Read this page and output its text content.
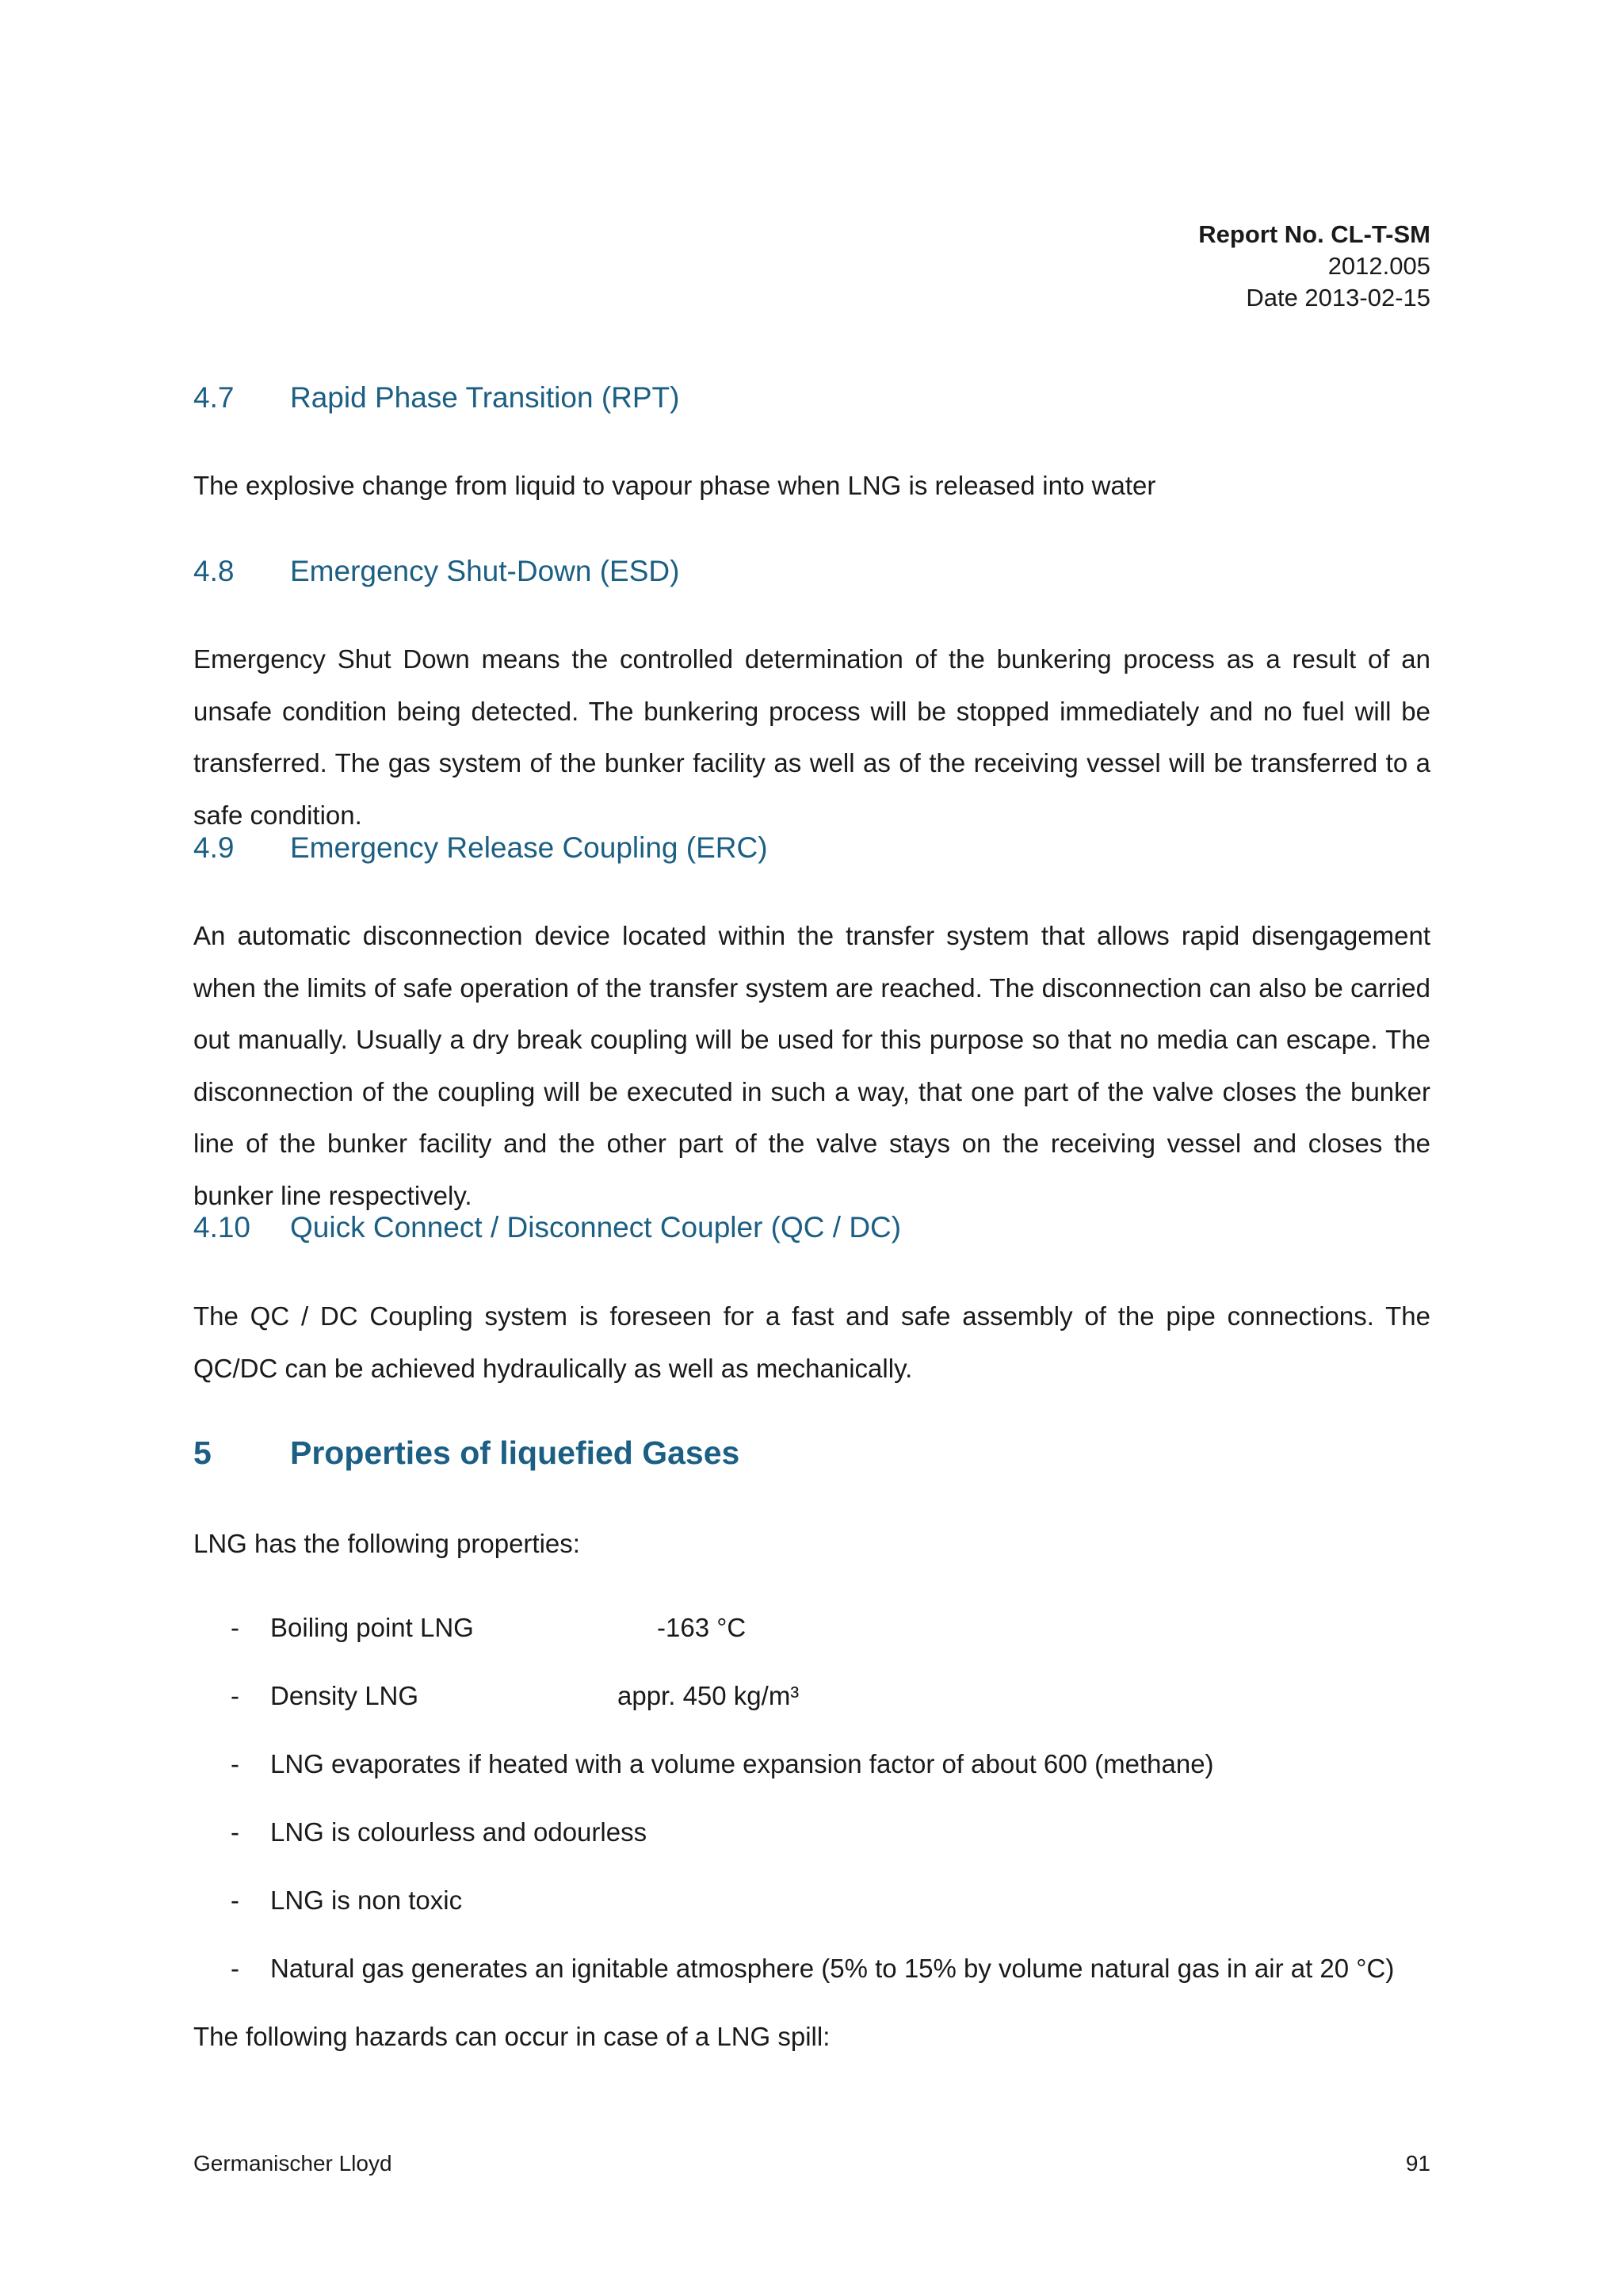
Report No. CL-T-SM
2012.005
Date 2013-02-15
4.7 Rapid Phase Transition (RPT)
The explosive change from liquid to vapour phase when LNG is released into water
4.8 Emergency Shut-Down (ESD)
Emergency Shut Down means the controlled determination of the bunkering process as a result of an unsafe condition being detected. The bunkering process will be stopped immediately and no fuel will be transferred. The gas system of the bunker facility as well as of the receiving vessel will be transferred to a safe condition.
4.9 Emergency Release Coupling (ERC)
An automatic disconnection device located within the transfer system that allows rapid disengagement when the limits of safe operation of the transfer system are reached. The disconnection can also be carried out manually. Usually a dry break coupling will be used for this purpose so that no media can escape. The disconnection of the coupling will be executed in such a way, that one part of the valve closes the bunker line of the bunker facility and the other part of the valve stays on the receiving vessel and closes the bunker line respectively.
4.10 Quick Connect / Disconnect Coupler (QC / DC)
The QC / DC Coupling system is foreseen for a fast and safe assembly of the pipe connections. The QC/DC can be achieved hydraulically as well as mechanically.
5 Properties of liquefied Gases
LNG has the following properties:
- Boiling point LNG	-163 °C
- Density LNG	appr. 450 kg/m³
- LNG evaporates if heated with a volume expansion factor of about 600 (methane)
- LNG is colourless and odourless
- LNG is non toxic
- Natural gas generates an ignitable atmosphere (5% to 15% by volume natural gas in air at 20 °C)
The following hazards can occur in case of a LNG spill:
Germanischer Lloyd	91
